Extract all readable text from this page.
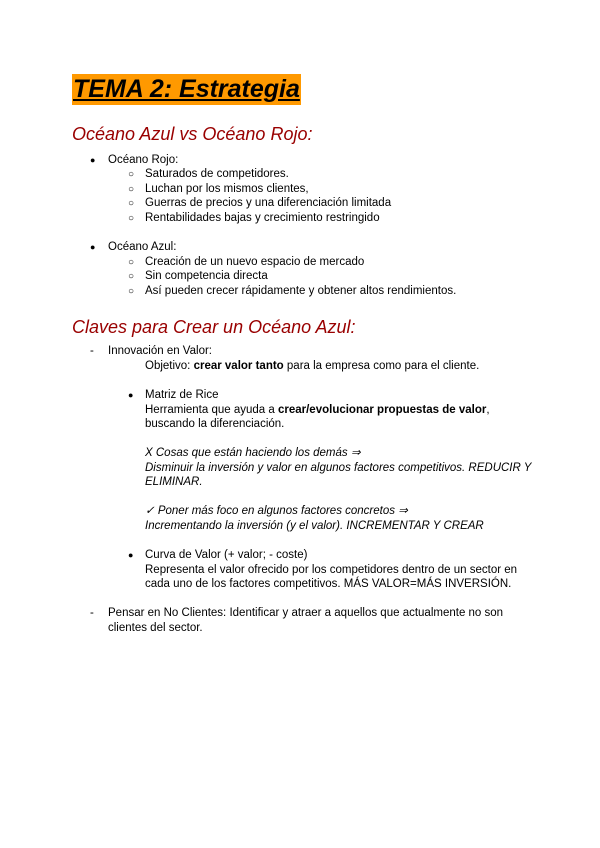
TEMA 2: Estrategia
Océano Azul vs Océano Rojo:
● Océano Rojo:
○ Saturados de competidores.
○ Luchan por los mismos clientes,
○ Guerras de precios y una diferenciación limitada
○ Rentabilidades bajas y crecimiento restringido
● Océano Azul:
○ Creación de un nuevo espacio de mercado
○ Sin competencia directa
○ Así pueden crecer rápidamente y obtener altos rendimientos.
Claves para Crear un Océano Azul:
- Innovación en Valor:
Objetivo: crear valor tanto para la empresa como para el cliente.
● Matriz de Rice
Herramienta que ayuda a crear/evolucionar propuestas de valor,
buscando la diferenciación.
X Cosas que están haciendo los demás ⇒
Disminuir la inversión y valor en algunos factores competitivos. REDUCIR Y
ELIMINAR.
✓ Poner más foco en algunos factores concretos ⇒
Incrementando la inversión (y el valor). INCREMENTAR Y CREAR
● Curva de Valor (+ valor; - coste)
Representa el valor ofrecido por los competidores dentro de un sector en
cada uno de los factores competitivos. MÁS VALOR=MÁS INVERSIÓN.
- Pensar en No Clientes: Identificar y atraer a aquellos que actualmente no son
clientes del sector.
